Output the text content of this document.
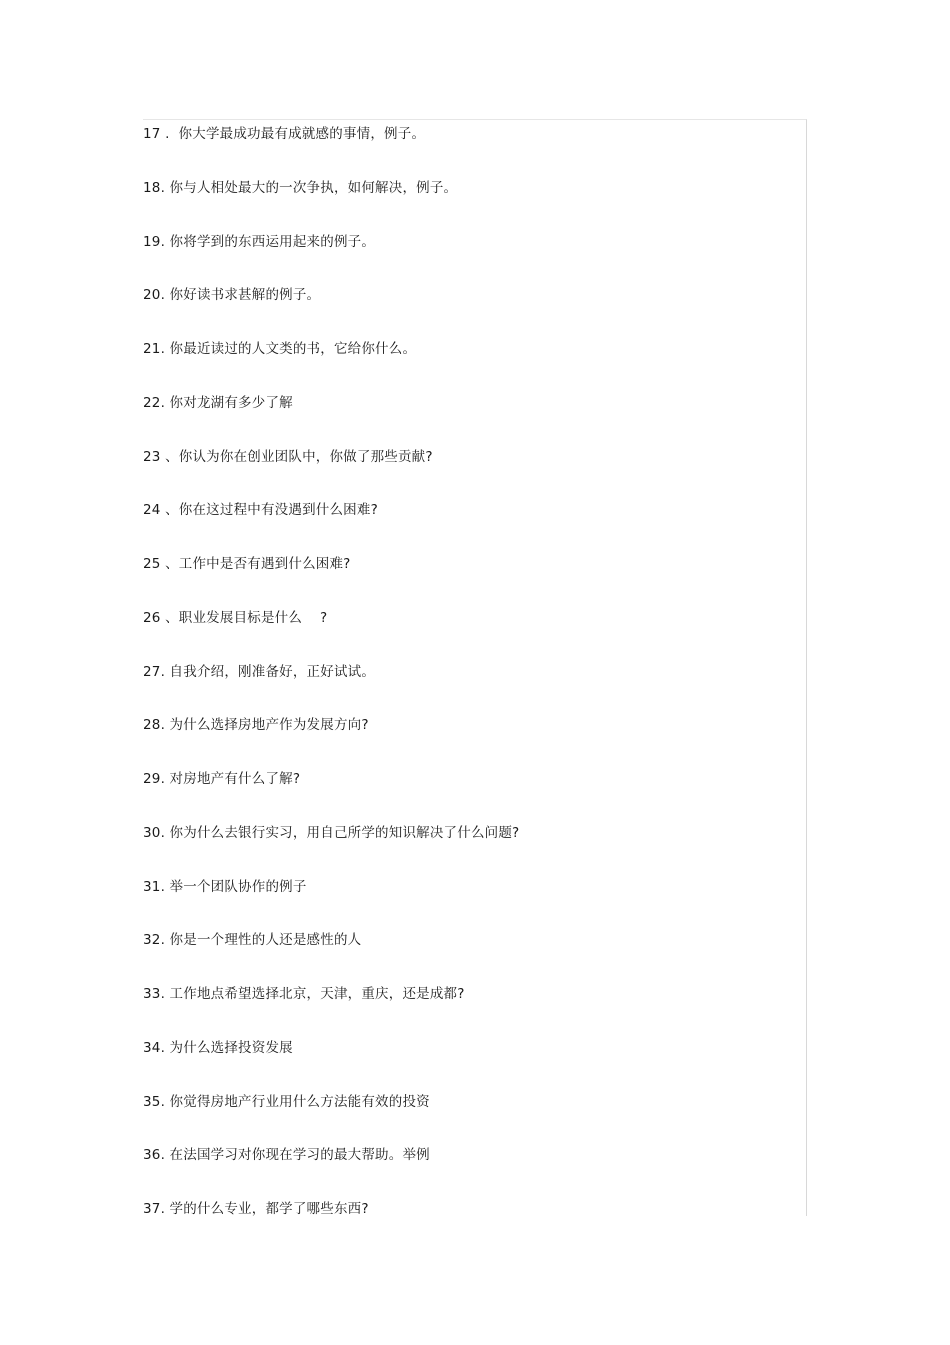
17 .  你大学最成功最有成就感的事情，例子。
18. 你与人相处最大的一次争执，如何解决，例子。
19. 你将学到的东西运用起来的例子。
20. 你好读书求甚解的例子。
21. 你最近读过的人文类的书，它给你什么。
22. 你对龙湖有多少了解
23 、你认为你在创业团队中，你做了那些贡献?
24 、你在这过程中有没遇到什么困难?
25 、工作中是否有遇到什么困难?
26 、职业发展目标是什么    ?
27. 自我介绍，刚准备好，正好试试。
28. 为什么选择房地产作为发展方向?
29. 对房地产有什么了解?
30. 你为什么去银行实习，用自己所学的知识解决了什么问题?
31. 举一个团队协作的例子
32. 你是一个理性的人还是感性的人
33. 工作地点希望选择北京，天津，重庆，还是成都?
34. 为什么选择投资发展
35. 你觉得房地产行业用什么方法能有效的投资
36. 在法国学习对你现在学习的最大帮助。举例
37. 学的什么专业，都学了哪些东西?
